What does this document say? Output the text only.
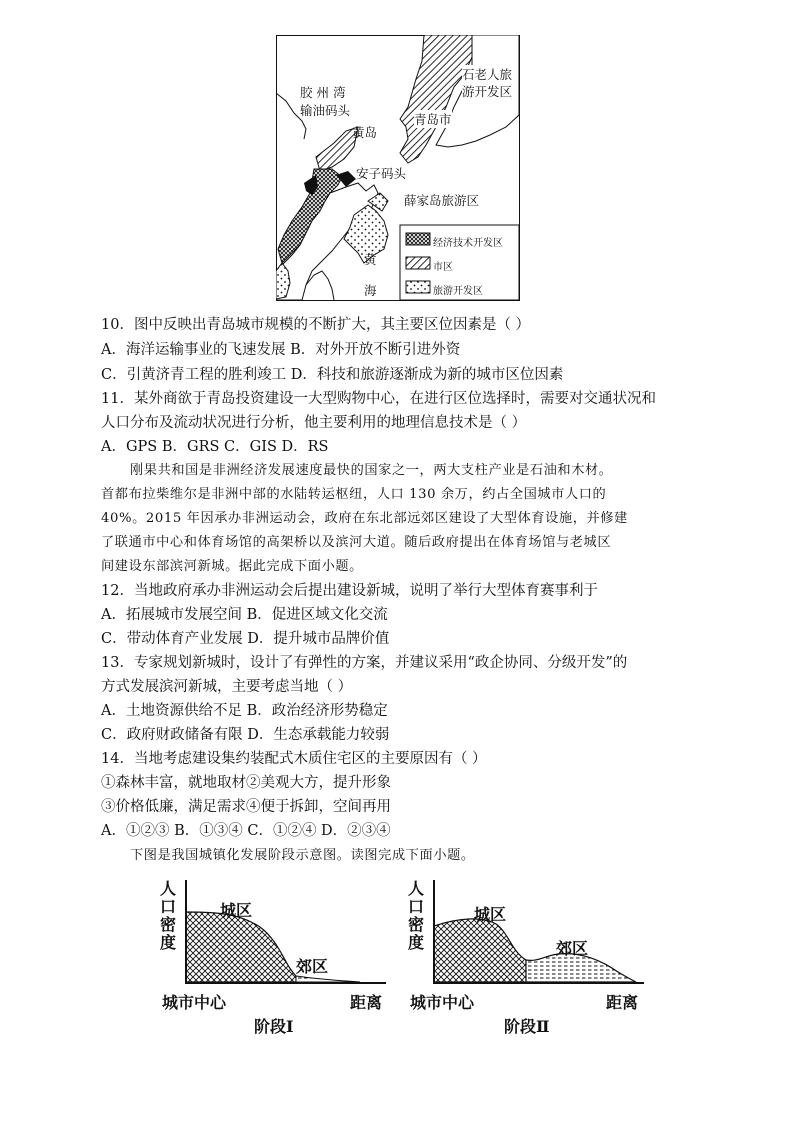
胶 州 湾
输油码头
黄岛
青岛市
石老人旅
游开发区
安子码头
薛家岛旅游区
黄
海
经济技术开发区
市区
旅游开发区
10．图中反映出青岛城市规模的不断扩大，其主要区位因素是（ ）
A．海洋运输事业的飞速发展 B．对外开放不断引进外资
C．引黄济青工程的胜利竣工 D．科技和旅游逐渐成为新的城市区位因素
11．某外商欲于青岛投资建设一大型购物中心，在进行区位选择时，需要对交通状况和
人口分布及流动状况进行分析，他主要利用的地理信息技术是（ ）
A．GPS B．GRS C．GIS D．RS
刚果共和国是非洲经济发展速度最快的国家之一，两大支柱产业是石油和木材。
首都布拉柴维尔是非洲中部的水陆转运枢纽，人口 130 余万，约占全国城市人口的
40%。2015 年因承办非洲运动会，政府在东北部远郊区建设了大型体育设施，并修建
了联通市中心和体育场馆的高架桥以及滨河大道。随后政府提出在体育场馆与老城区
间建设东部滨河新城。据此完成下面小题。
12．当地政府承办非洲运动会后提出建设新城，说明了举行大型体育赛事利于
A．拓展城市发展空间 B．促进区域文化交流
C．带动体育产业发展 D．提升城市品牌价值
13．专家规划新城时，设计了有弹性的方案，并建议采用“政企协同、分级开发”的
方式发展滨河新城，主要考虑当地（ ）
A．土地资源供给不足 B．政治经济形势稳定
C．政府财政储备有限 D．生态承载能力较弱
14．当地考虑建设集约装配式木质住宅区的主要原因有（ ）
①森林丰富，就地取材②美观大方，提升形象
③价格低廉，满足需求④便于拆卸，空间再用
A．①②③ B．①③④ C．①②④ D．②③④
下图是我国城镇化发展阶段示意图。读图完成下面小题。
人口密度
城区
郊区
城市中心	距离
阶段Ⅰ
人口密度
城区
郊区
城市中心	距离
阶段Ⅱ
